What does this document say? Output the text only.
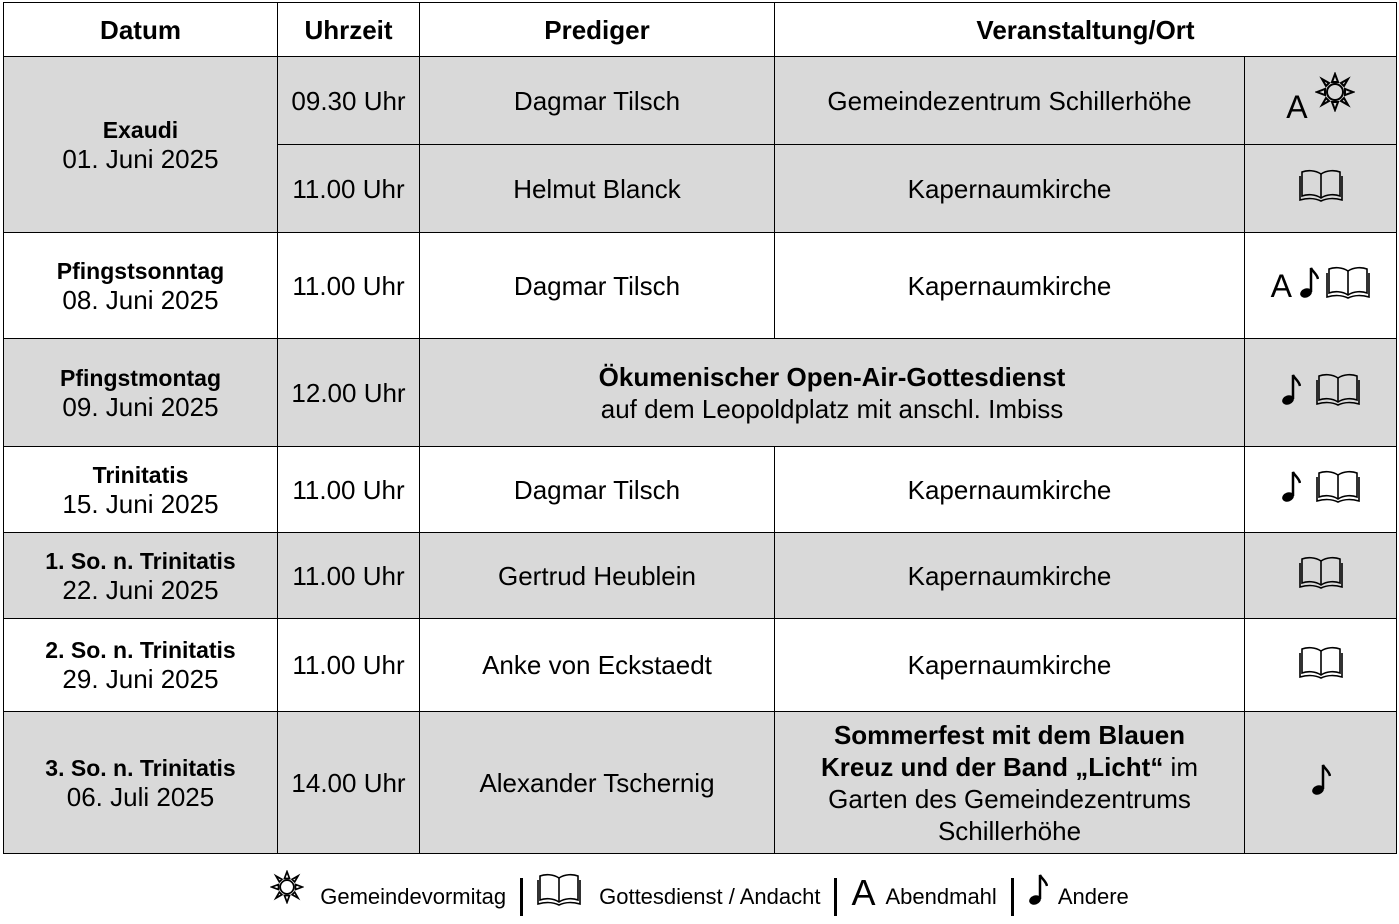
Datum	Uhrzeit	Prediger	Veranstaltung/Ort	

Exaudi
01. Juni 2025	09.30 Uhr	Dagmar Tilsch	Gemeindezentrum Schillerhöhe	A
	11.00 Uhr	Helmut Blanck	Kapernaumkirche	

Pfingstsonntag
08. Juni 2025	11.00 Uhr	Dagmar Tilsch	Kapernaumkirche	A

Pfingstmontag
09. Juni 2025	12.00 Uhr	Ökumenischer Open-Air-Gottesdienst
auf dem Leopoldplatz mit anschl. Imbiss

Trinitatis
15. Juni 2025	11.00 Uhr	Dagmar Tilsch	Kapernaumkirche	

1. So. n. Trinitatis
22. Juni 2025	11.00 Uhr	Gertrud Heublein	Kapernaumkirche	

2. So. n. Trinitatis
29. Juni 2025	11.00 Uhr	Anke von Eckstaedt	Kapernaumkirche	

3. So. n. Trinitatis
06. Juli 2025	14.00 Uhr	Alexander Tschernig	Sommerfest mit dem Blauen Kreuz und der Band „Licht“ im Garten des Gemeindezentrums Schillerhöhe	
Gemeindevormitag	Gottesdienst / Andacht A Abendmahl	Andere
